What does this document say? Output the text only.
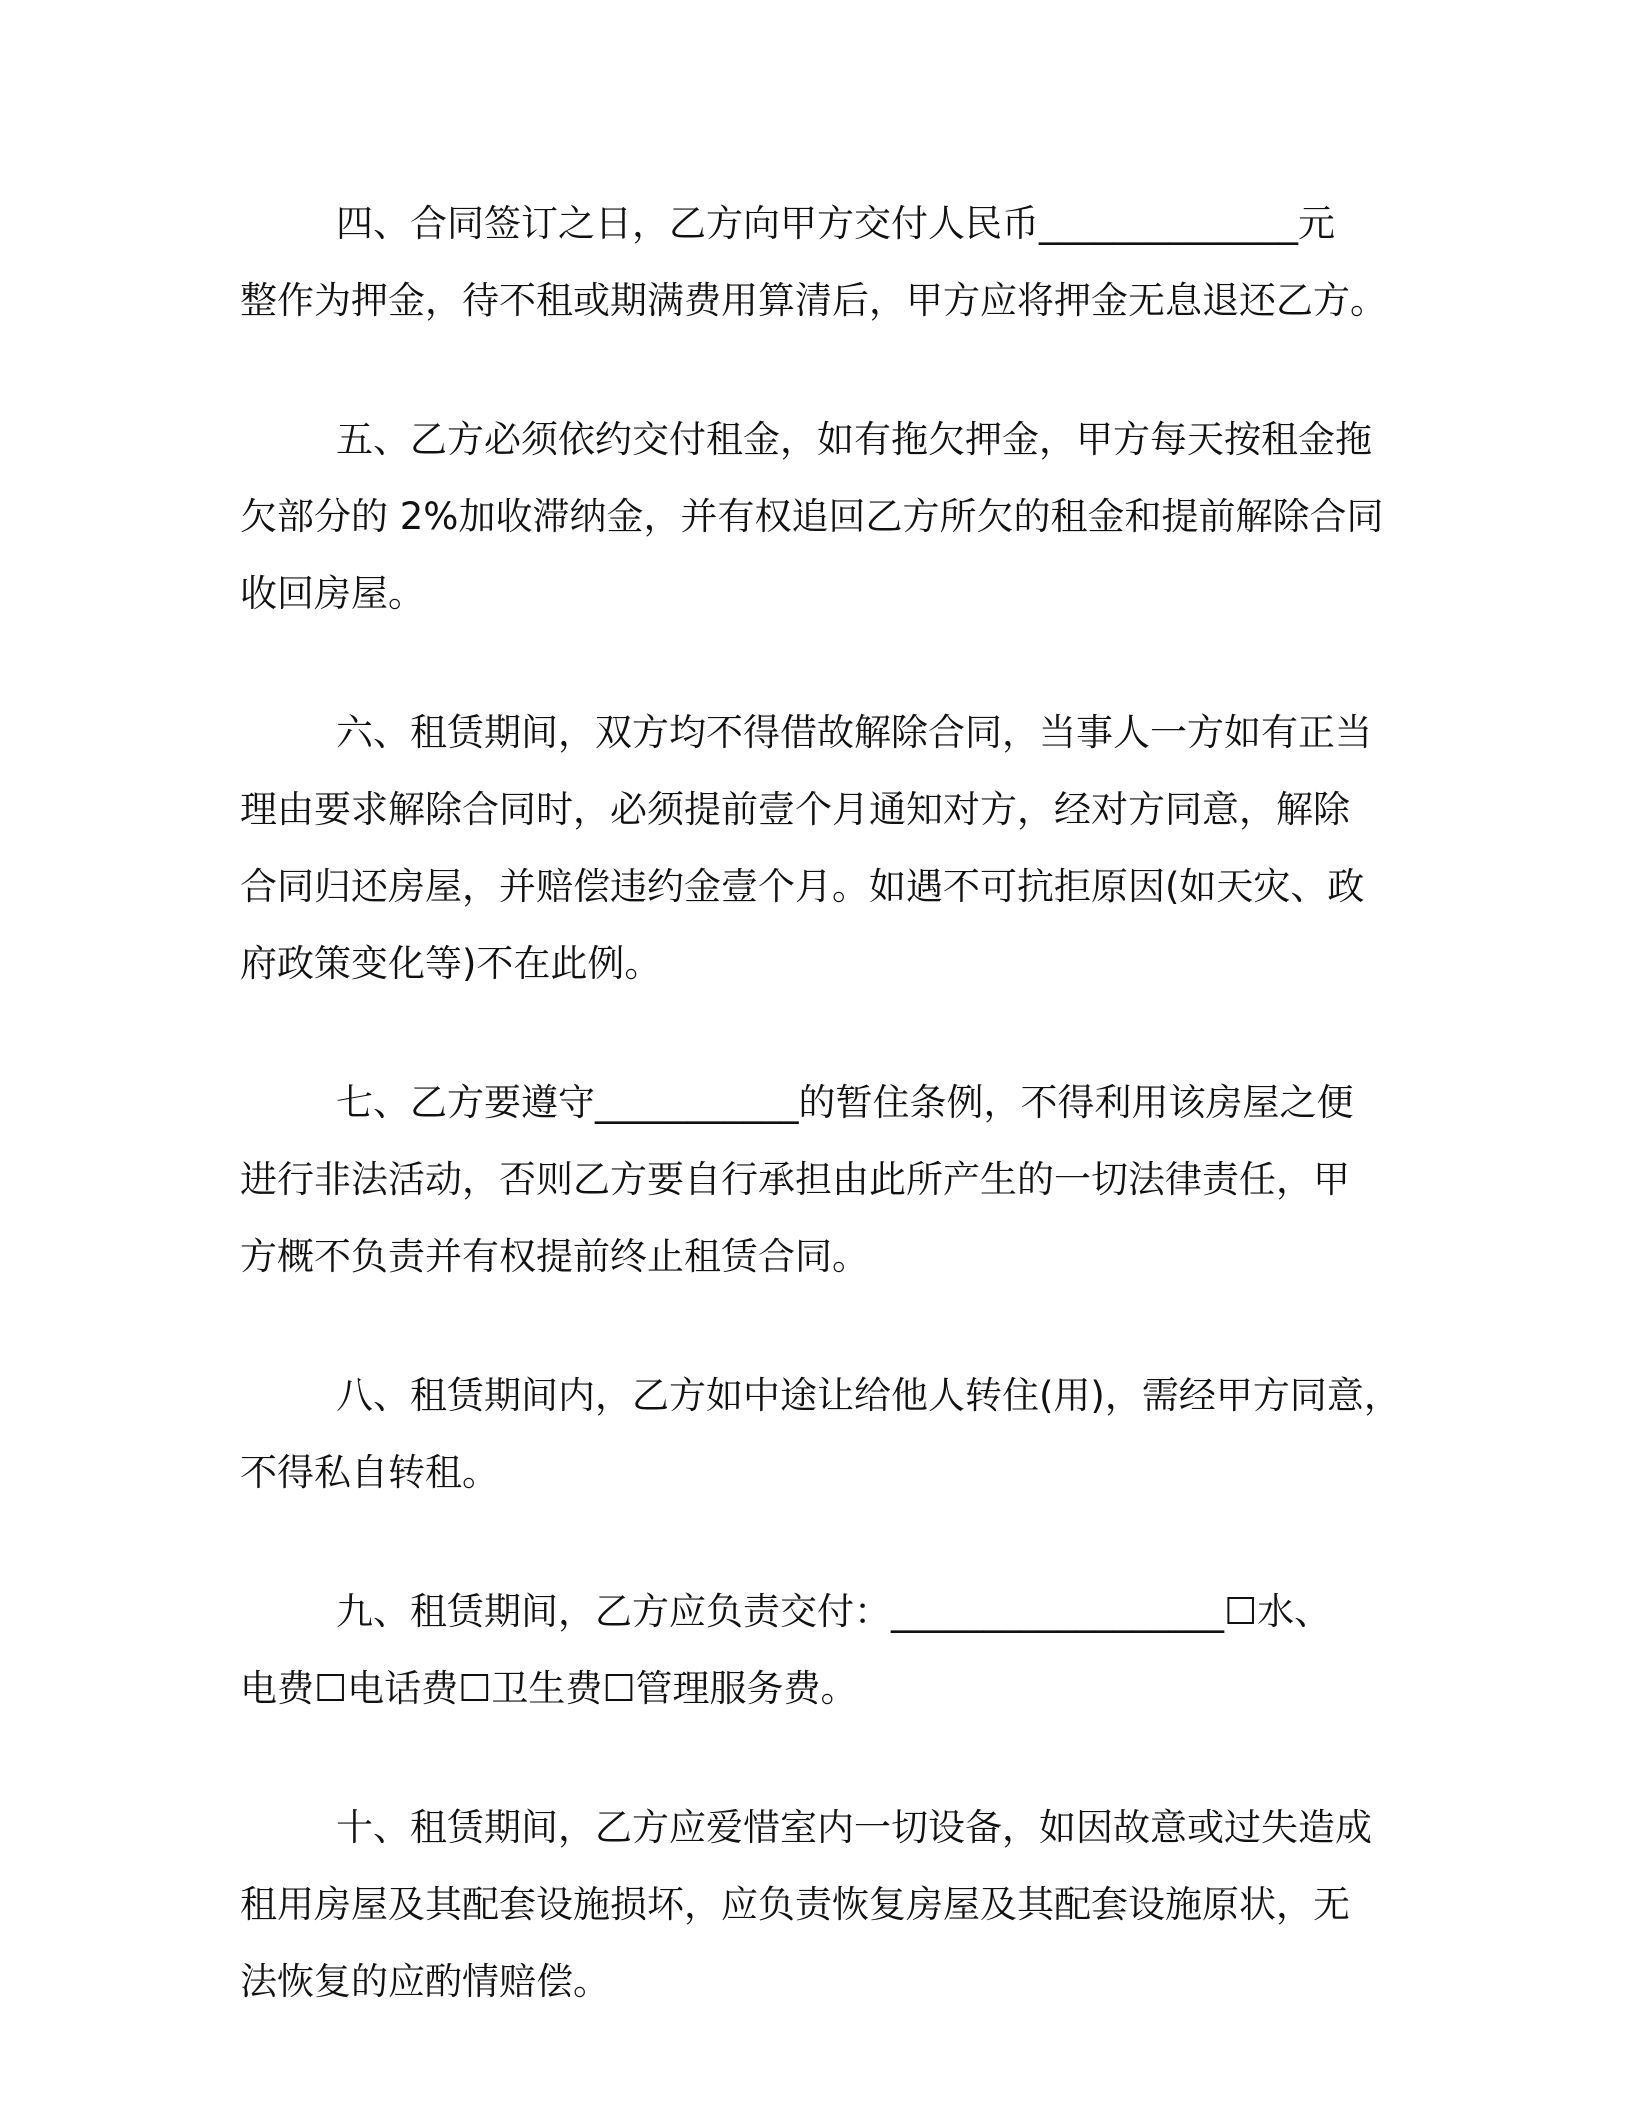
四、合同签订之日，乙方向甲方交付人民币______________元
整作为押金，待不租或期满费用算清后，甲方应将押金无息退还乙方。
五、乙方必须依约交付租金，如有拖欠押金，甲方每天按租金拖
欠部分的 2%加收滞纳金，并有权追回乙方所欠的租金和提前解除合同
收回房屋。
六、租赁期间，双方均不得借故解除合同，当事人一方如有正当
理由要求解除合同时，必须提前壹个月通知对方，经对方同意，解除
合同归还房屋，并赔偿违约金壹个月。如遇不可抗拒原因(如天灾、政
府政策变化等)不在此例。
七、乙方要遵守___________的暂住条例，不得利用该房屋之便
进行非法活动，否则乙方要自行承担由此所产生的一切法律责任，甲
方概不负责并有权提前终止租赁合同。
八、租赁期间内，乙方如中途让给他人转住(用)，需经甲方同意，
不得私自转租。
九、租赁期间，乙方应负责交付：__________________☐水、
电费☐电话费☐卫生费☐管理服务费。
十、租赁期间，乙方应爱惜室内一切设备，如因故意或过失造成
租用房屋及其配套设施损坏，应负责恢复房屋及其配套设施原状，无
法恢复的应酌情赔偿。
